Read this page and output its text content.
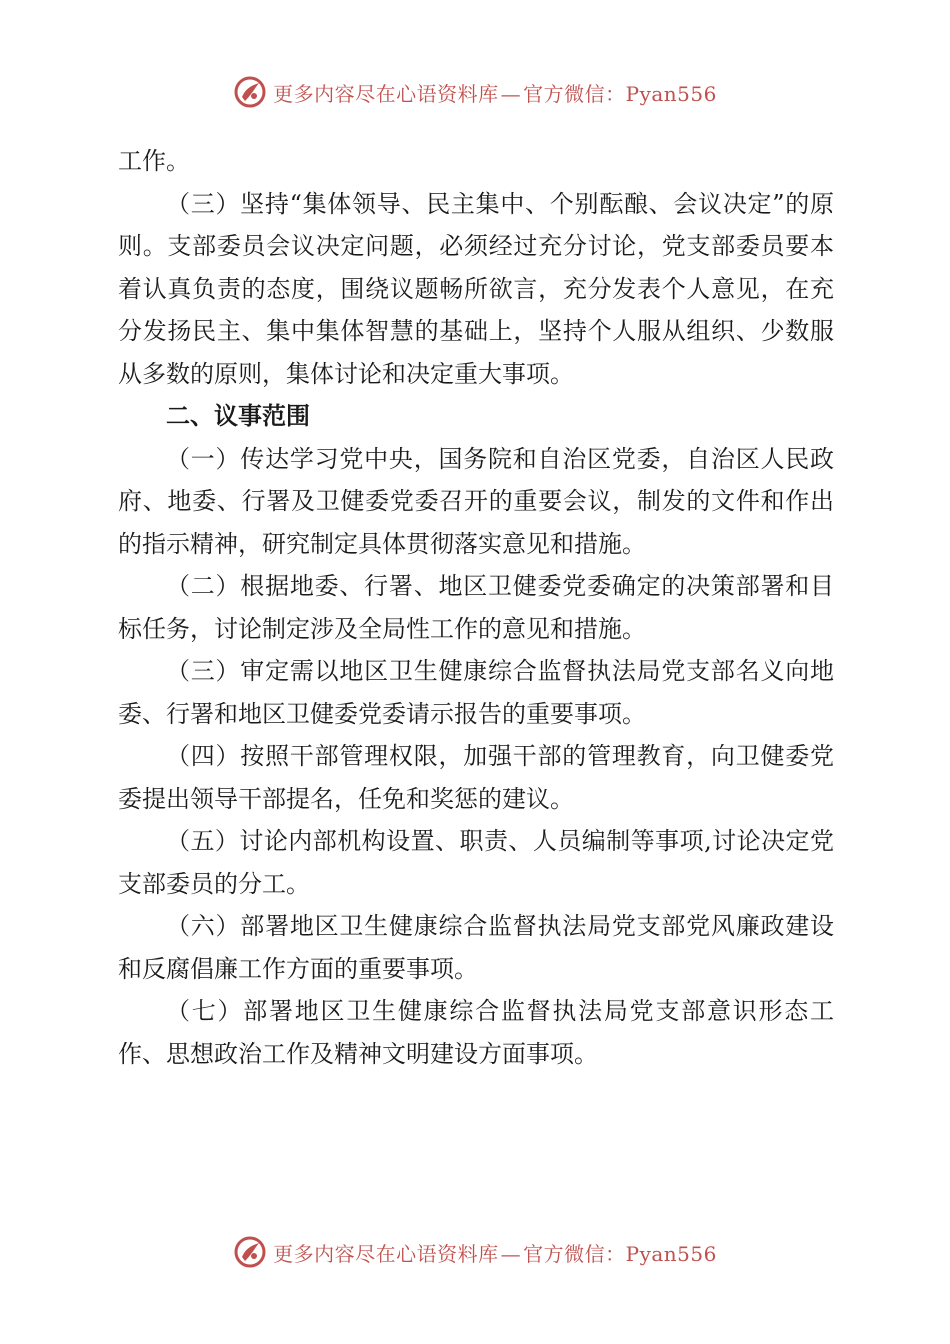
更多内容尽在心语资料库 — 官方微信：Pyan556

工作。

（三）坚持“集体领导、民主集中、个别酝酿、会议决定”的原则。支部委员会议决定问题，必须经过充分讨论，党支部委员要本着认真负责的态度，围绕议题畅所欲言，充分发表个人意见，在充分发扬民主、集中集体智慧的基础上，坚持个人服从组织、少数服从多数的原则，集体讨论和决定重大事项。

二、议事范围

（一）传达学习党中央，国务院和自治区党委，自治区人民政府、地委、行署及卫健委党委召开的重要会议，制发的文件和作出的指示精神，研究制定具体贯彻落实意见和措施。

（二）根据地委、行署、地区卫健委党委确定的决策部署和目标任务，讨论制定涉及全局性工作的意见和措施。

（三）审定需以地区卫生健康综合监督执法局党支部名义向地委、行署和地区卫健委党委请示报告的重要事项。

（四）按照干部管理权限，加强干部的管理教育，向卫健委党委提出领导干部提名，任免和奖惩的建议。

（五）讨论内部机构设置、职责、人员编制等事项,讨论决定党支部委员的分工。

（六）部署地区卫生健康综合监督执法局党支部党风廉政建设和反腐倡廉工作方面的重要事项。

（七）部署地区卫生健康综合监督执法局党支部意识形态工作、思想政治工作及精神文明建设方面事项。

更多内容尽在心语资料库 — 官方微信：Pyan556
